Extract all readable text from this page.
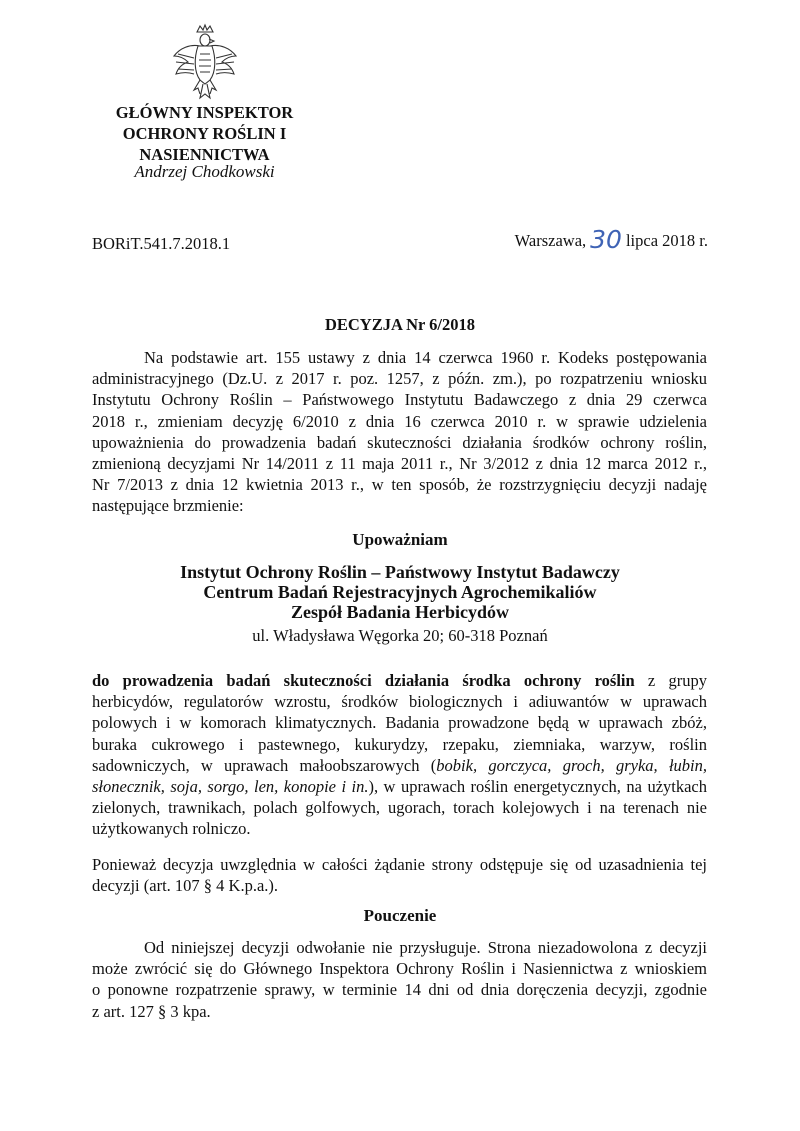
GŁÓWNY INSPEKTOR
OCHRONY ROŚLIN I NASIENNICTWA
Andrzej Chodkowski
BORiT.541.7.2018.1	Warszawa, 30 lipca 2018 r.
DECYZJA Nr 6/2018
Na podstawie art. 155 ustawy z dnia 14 czerwca 1960 r. Kodeks postępowania
administracyjnego (Dz.U. z 2017 r. poz. 1257, z późn. zm.), po rozpatrzeniu wniosku
Instytutu Ochrony Roślin – Państwowego Instytutu Badawczego z dnia 29 czerwca
2018 r., zmieniam decyzję 6/2010 z dnia 16 czerwca 2010 r. w sprawie udzielenia
upoważnienia do prowadzenia badań skuteczności działania środków ochrony roślin,
zmienioną decyzjami Nr 14/2011 z 11 maja 2011 r., Nr 3/2012 z dnia 12 marca 2012 r.,
Nr 7/2013 z dnia 12 kwietnia 2013 r., w ten sposób, że rozstrzygnięciu decyzji nadaję
następujące brzmienie:
Upoważniam
Instytut Ochrony Roślin – Państwowy Instytut Badawczy
Centrum Badań Rejestracyjnych Agrochemikaliów
Zespół Badania Herbicydów
ul. Władysława Węgorka 20; 60-318 Poznań
do prowadzenia badań skuteczności działania środka ochrony roślin z grupy
herbicydów, regulatorów wzrostu, środków biologicznych i adiuwantów w uprawach
polowych i w komorach klimatycznych. Badania prowadzone będą w uprawach zbóż,
buraka cukrowego i pastewnego, kukurydzy, rzepaku, ziemniaka, warzyw, roślin
sadowniczych, w uprawach małoobszarowych (bobik, gorczyca, groch, gryka, łubin,
słonecznik, soja, sorgo, len, konopie i in.), w uprawach roślin energetycznych, na użytkach
zielonych, trawnikach, polach golfowych, ugorach, torach kolejowych i na terenach nie
użytkowanych rolniczo.
Ponieważ decyzja uwzględnia w całości żądanie strony odstępuje się od uzasadnienia tej
decyzji (art. 107 § 4 K.p.a.).
Pouczenie
Od niniejszej decyzji odwołanie nie przysługuje. Strona niezadowolona z decyzji
może zwrócić się do Głównego Inspektora Ochrony Roślin i Nasiennictwa z wnioskiem
o ponowne rozpatrzenie sprawy, w terminie 14 dni od dnia doręczenia decyzji, zgodnie
z art. 127 § 3 kpa.
